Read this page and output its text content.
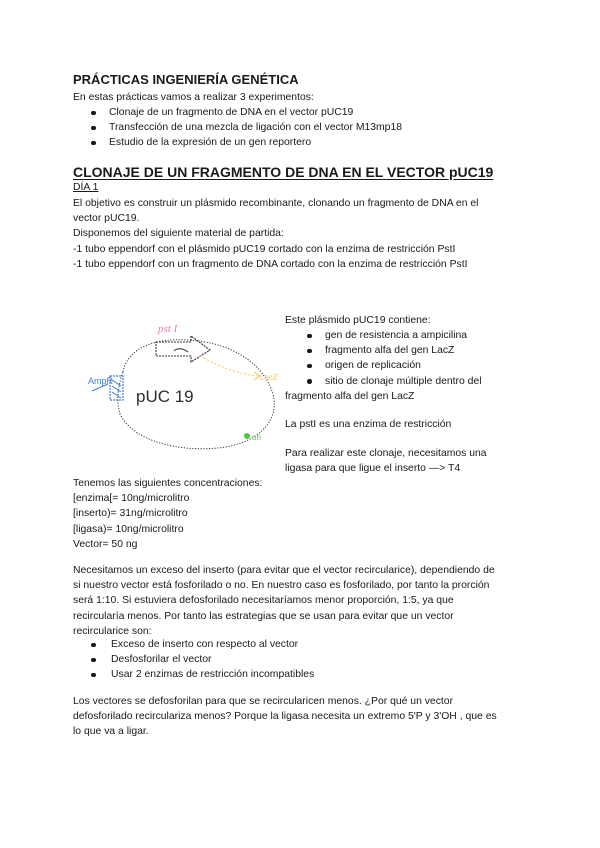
PRÁCTICAS INGENIERÍA GENÉTICA
En estas prácticas vamos a realizar 3 experimentos:
Clonaje de un fragmento de DNA en el vector pUC19
Transfección de una mezcla de ligación con el vector M13mp18
Estudio de la expresión de un gen reportero
CLONAJE DE UN FRAGMENTO DE DNA EN EL VECTOR pUC19
DÍA 1
El objetivo es construir un plásmido recombinante, clonando un fragmento de DNA en el
vector pUC19.
Disponemos del siguiente material de partida:
-1 tubo eppendorf con el plásmido pUC19 cortado con la enzima de restricción PstI
-1 tubo eppendorf con un fragmento de DNA cortado con la enzima de restricción PstI
pst I
pUC 19
LacZ
ori
AmpR
Este plásmido pUC19 contiene:
gen de resistencia a ampicilina
fragmento alfa del gen LacZ
origen de replicación
sitio de clonaje múltiple dentro del
fragmento alfa del gen LacZ
La pstI es una enzima de restricción
Para realizar este clonaje, necesitamos una
ligasa para que ligue el inserto —> T4
Tenemos las siguientes concentraciones:
[enzima[= 10ng/microlitro
[inserto)= 31ng/microlitro
[ligasa)= 10ng/microlitro
Vector= 50 ng
Necesitamos un exceso del inserto (para evitar que el vector recircularice), dependiendo de
si nuestro vector está fosforilado o no. En nuestro caso es fosforilado, por tanto la prorción
será 1:10. Si estuviera defosforilado necesitaríamos menor proporción, 1:5, ya que
recircularía menos. Por tanto las estrategias que se usan para evitar que un vector
recircularice son:
Exceso de inserto con respecto al vector
Desfosforilar el vector
Usar 2 enzimas de restricción incompatibles
Los vectores se defosforilan para que se recircularicen menos. ¿Por qué un vector
defosforilado recirculariza menos? Porque la ligasa necesita un extremo 5'P y 3'OH , que es
lo que va a ligar.
